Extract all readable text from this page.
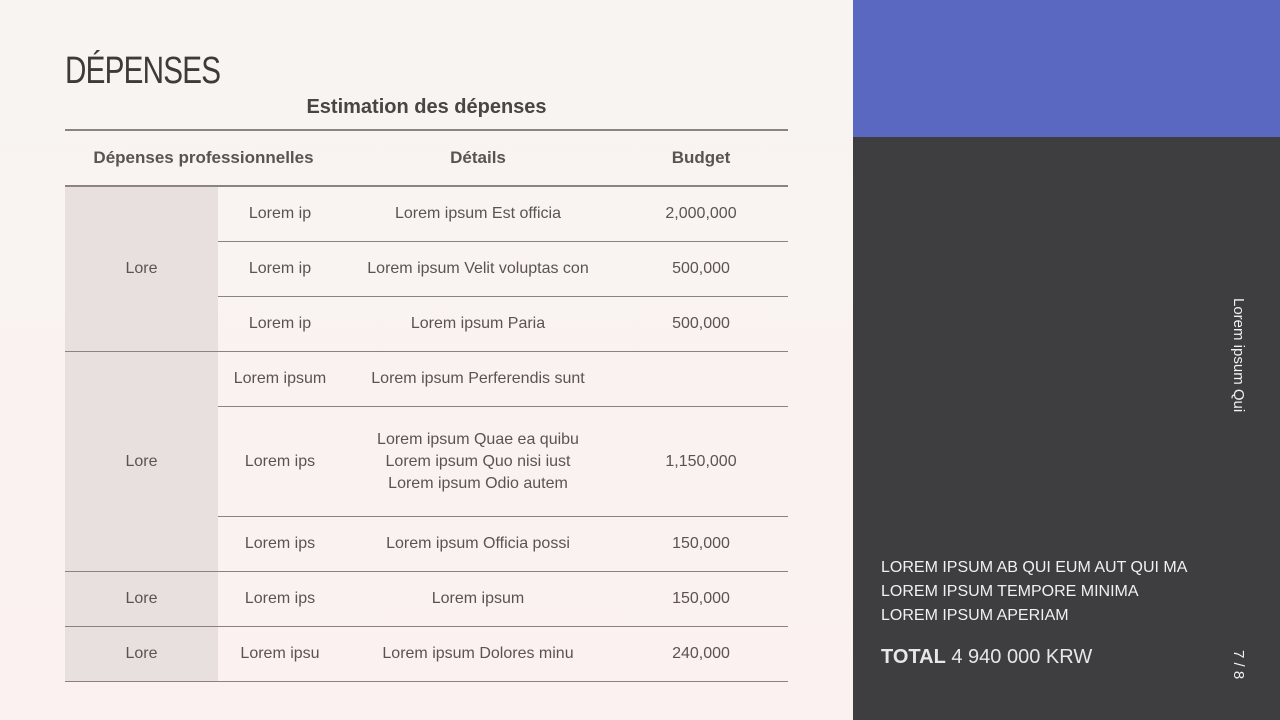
DÉPENSES
Estimation des dépenses
Dépenses professionnelles		Détails	Budget
Lore	Lorem ip	Lorem ipsum Est officia	2,000,000
	Lorem ip	Lorem ipsum Velit voluptas con	500,000
	Lorem ip	Lorem ipsum Paria	500,000
Lore	Lorem ipsum	Lorem ipsum Perferendis sunt	
	Lorem ips	Lorem ipsum Quae ea quibu
Lorem ipsum Quo nisi iust
Lorem ipsum Odio autem	1,150,000
	Lorem ips	Lorem ipsum Officia possi	150,000
Lore	Lorem ips	Lorem ipsum	150,000
Lore	Lorem ipsu	Lorem ipsum Dolores minu	240,000
Lorem ipsum Qui
LOREM IPSUM AB QUI EUM AUT QUI MA
LOREM IPSUM TEMPORE MINIMA
LOREM IPSUM APERIAM
TOTAL 4 940 000 KRW	7 / 8
